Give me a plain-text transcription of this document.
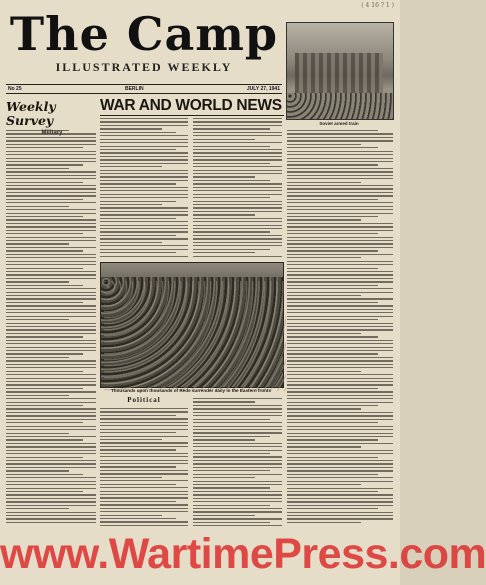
( 4 16 ? 1 )
The Camp
ILLUSTRATED WEEKLY
No 25	BERLIN	JULY 27, 1941
Soviet armed train
Weekly Survey
WAR AND WORLD NEWS
Thousands upon thousands of Reds surrender daily in the Eastern fronts
Political
www.WartimePress.com
